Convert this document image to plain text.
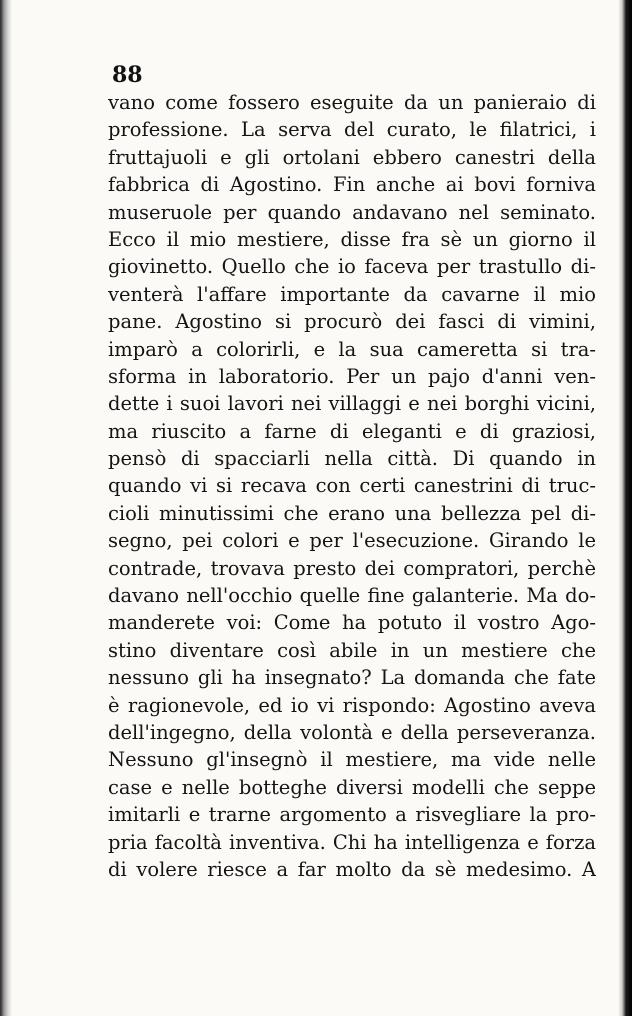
88
vano come fossero eseguite da un panieraio di
professione. La serva del curato, le filatrici, i
fruttajuoli e gli ortolani ebbero canestri della
fabbrica di Agostino. Fin anche ai bovi forniva
museruole per quando andavano nel seminato.
Ecco il mio mestiere, disse fra sè un giorno il
giovinetto. Quello che io faceva per trastullo di-
venterà l'affare importante da cavarne il mio
pane. Agostino si procurò dei fasci di vimini,
imparò a colorirli, e la sua cameretta si tra-
sforma in laboratorio. Per un pajo d'anni ven-
dette i suoi lavori nei villaggi e nei borghi vicini,
ma riuscito a farne di eleganti e di graziosi,
pensò di spacciarli nella città. Di quando in
quando vi si recava con certi canestrini di truc-
cioli minutissimi che erano una bellezza pel di-
segno, pei colori e per l'esecuzione. Girando le
contrade, trovava presto dei compratori, perchè
davano nell'occhio quelle fine galanterie. Ma do-
manderete voi: Come ha potuto il vostro Ago-
stino diventare così abile in un mestiere che
nessuno gli ha insegnato? La domanda che fate
è ragionevole, ed io vi rispondo: Agostino aveva
dell'ingegno, della volontà e della perseveranza.
Nessuno gl'insegnò il mestiere, ma vide nelle
case e nelle botteghe diversi modelli che seppe
imitarli e trarne argomento a risvegliare la pro-
pria facoltà inventiva. Chi ha intelligenza e forza
di volere riesce a far molto da sè medesimo. A
